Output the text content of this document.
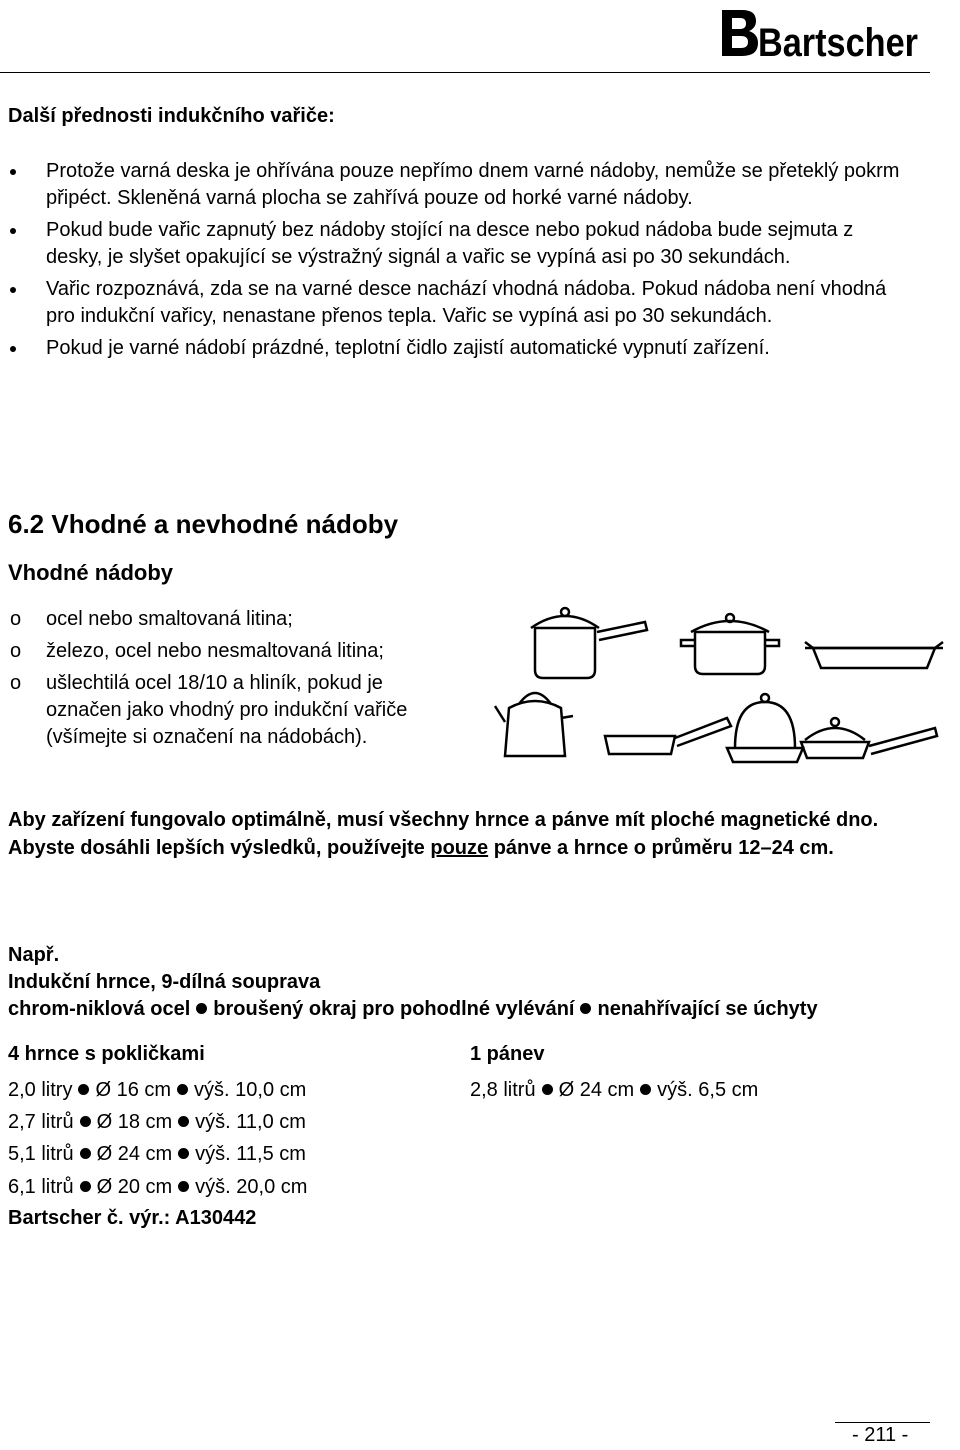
Bartscher
Další přednosti indukčního vařiče:
Protože varná deska je ohřívána pouze nepřímo dnem varné nádoby, nemůže se přeteklý pokrm připéct. Skleněná varná plocha se zahřívá pouze od horké varné nádoby.
Pokud bude vařic zapnutý bez nádoby stojící na desce nebo pokud nádoba bude sejmuta z desky, je slyšet opakující se výstražný signál a vařic se vypíná asi po 30 sekundách.
Vařic rozpoznává, zda se na varné desce nachází vhodná nádoba. Pokud nádoba není vhodná pro indukční vařicy, nenastane přenos tepla. Vařic se vypíná asi po 30 sekundách.
Pokud je varné nádobí prázdné, teplotní čidlo zajistí automatické vypnutí zařízení.
6.2 Vhodné a nevhodné nádoby
Vhodné nádoby
o ocel nebo smaltovaná litina;
o železo, ocel nebo nesmaltovaná litina;
o ušlechtilá ocel 18/10 a hliník, pokud je označen jako vhodný pro indukční vařiče (všímejte si označení na nádobách).
Aby zařízení fungovalo optimálně, musí všechny hrnce a pánve mít ploché magnetické dno. Abyste dosáhli lepších výsledků, používejte pouze pánve a hrnce o průměru 12–24 cm.
Např.
Indukční hrnce, 9-dílná souprava
chrom-niklová ocel broušený okraj pro pohodlné vylévání nenahřívající se úchyty
4 hrnce s pokličkami	1 pánev
2,0 litry Ø 16 cm výš. 10,0 cm
2,7 litrů Ø 18 cm výš. 11,0 cm
5,1 litrů Ø 24 cm výš. 11,5 cm
6,1 litrů Ø 20 cm výš. 20,0 cm
2,8 litrů Ø 24 cm výš. 6,5 cm
Bartscher č. výr.: A130442
- 211 -
